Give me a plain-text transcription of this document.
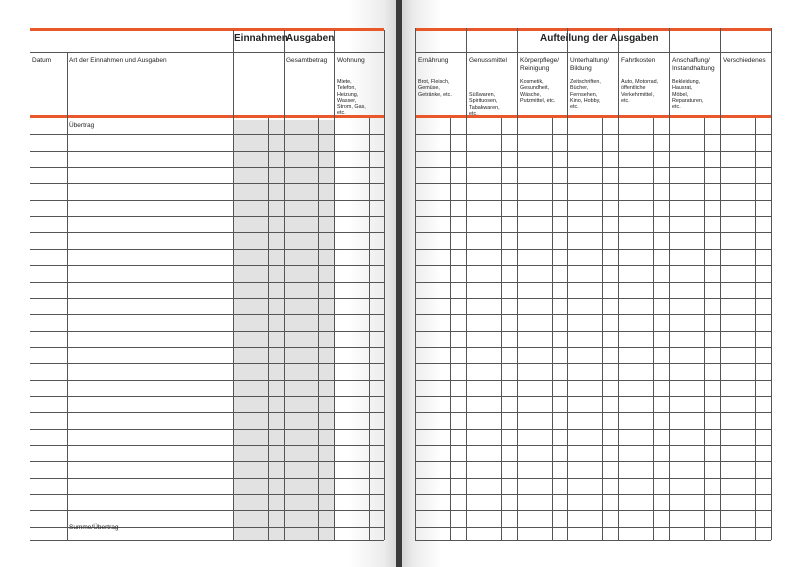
Einnahmen
Ausgaben
Datum	Art der Einnahmen und Ausgaben	Gesamtbetrag Wohnung
Miete, Telefon, Heizung, Wasser, Strom, Gas, etc.
Übertrag
Summe/Übertrag
Aufteilung der Ausgaben
Ernährung
Brot, Fleisch, Gemüse, Getränke, etc.
Genussmittel
Süßwaren, Spirituosen, Tabakwaren, etc.
Körperpflege/ Reinigung
Kosmetik, Gesundheit, Wäsche, Putzmittel, etc.
Unterhaltung/ Bildung
Zeitschriften, Bücher, Fernsehen, Kino, Hobby, etc.
Fahrtkosten
Auto, Motorrad, öffentliche Verkehrmittel, etc.
Anschaffung/ Instandhaltung
Bekleidung, Hausrat, Möbel, Reparaturen, etc.
Verschiedenes
